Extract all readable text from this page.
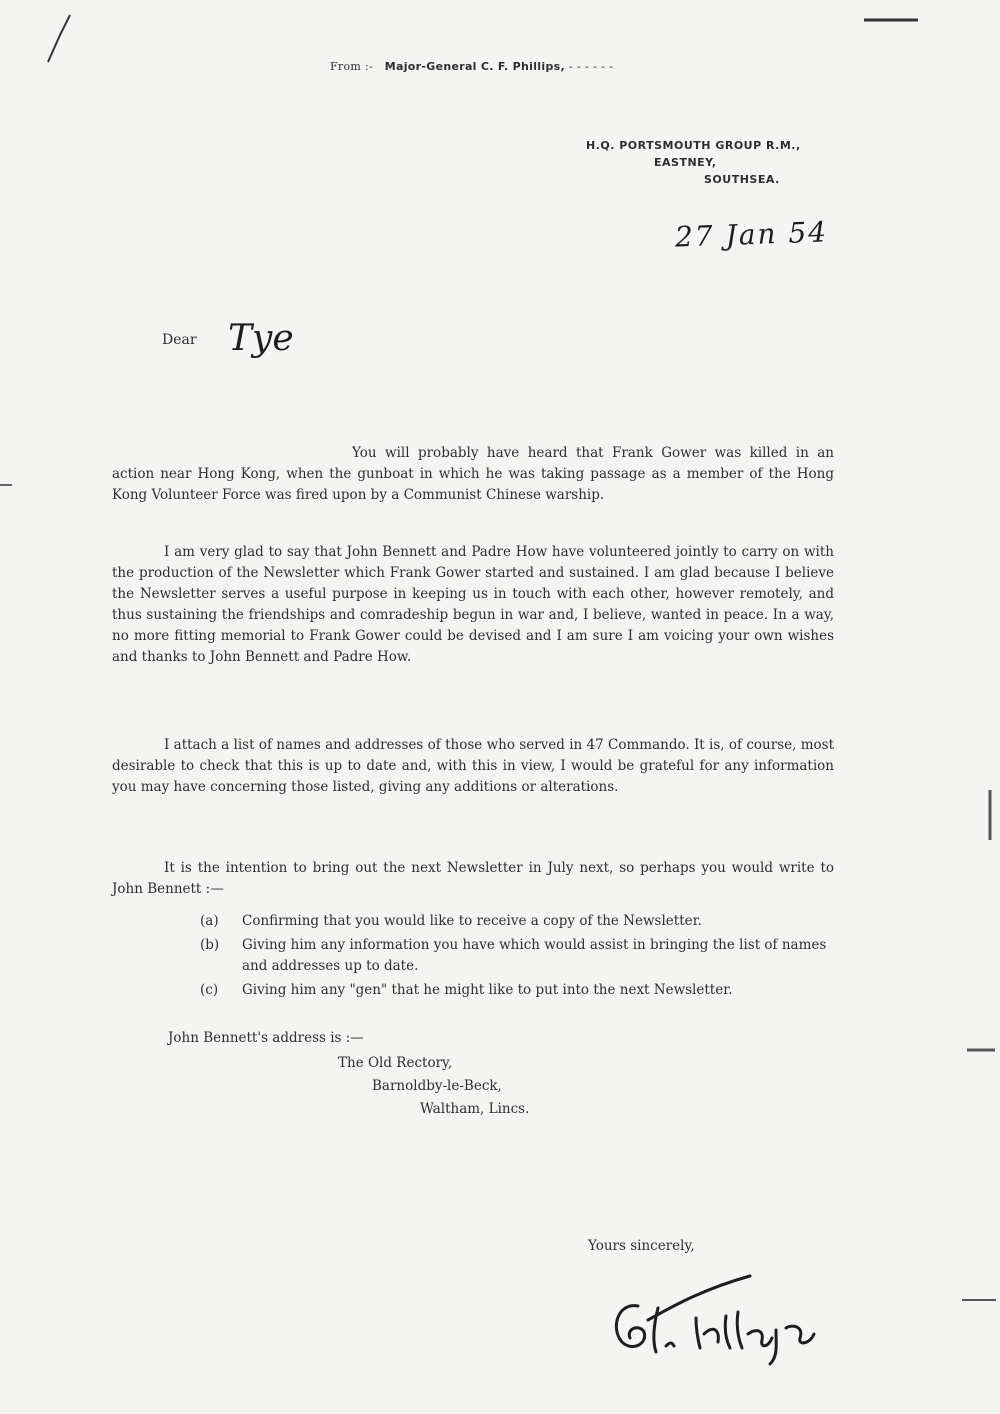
From :- Major-General C. F. Phillips, - - - - - -
H.Q. PORTSMOUTH GROUP R.M.,
EASTNEY,
SOUTHSEA.
27 Jan 54
Dear Tye
You will probably have heard that Frank Gower was killed in an action near Hong Kong, when the gunboat in which he was taking passage as a member of the Hong Kong Volunteer Force was fired upon by a Communist Chinese warship.
I am very glad to say that John Bennett and Padre How have volunteered jointly to carry on with the production of the Newsletter which Frank Gower started and sustained. I am glad because I believe the Newsletter serves a useful purpose in keeping us in touch with each other, however remotely, and thus sustaining the friendships and comradeship begun in war and, I believe, wanted in peace. In a way, no more fitting memorial to Frank Gower could be devised and I am sure I am voicing your own wishes and thanks to John Bennett and Padre How.
I attach a list of names and addresses of those who served in 47 Commando. It is, of course, most desirable to check that this is up to date and, with this in view, I would be grateful for any information you may have concerning those listed, giving any additions or alterations.
It is the intention to bring out the next Newsletter in July next, so perhaps you would write to John Bennett :—
(a)	Confirming that you would like to receive a copy of the Newsletter.
(b)	Giving him any information you have which would assist in bringing the list of names and addresses up to date.
(c)	Giving him any "gen" that he might like to put into the next Newsletter.
John Bennett's address is :—
The Old Rectory,
Barnoldby-le-Beck,
Waltham, Lincs.
Yours sincerely,
